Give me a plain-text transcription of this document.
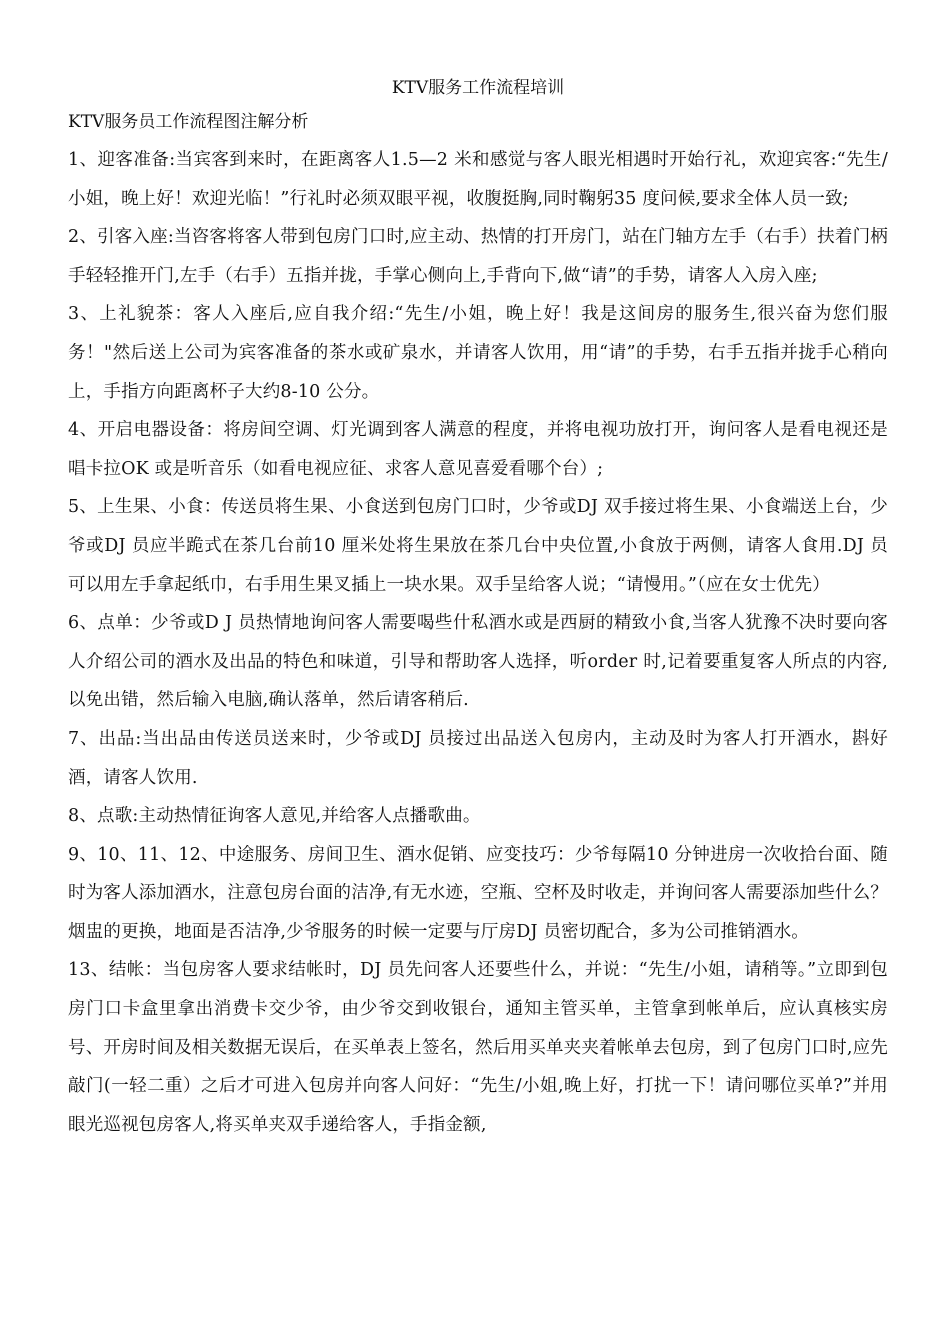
KTV服务工作流程培训

KTV服务员工作流程图注解分析

1、迎客准备:当宾客到来时，在距离客人1.5—2 米和感觉与客人眼光相遇时开始行礼，欢迎宾客:“先生/小姐，晚上好！欢迎光临！”行礼时必须双眼平视，收腹挺胸,同时鞠躬35 度问候,要求全体人员一致;

2、引客入座:当咨客将客人带到包房门口时,应主动、热情的打开房门，站在门轴方左手（右手）扶着门柄手轻轻推开门,左手（右手）五指并拢，手掌心侧向上,手背向下,做“请”的手势，请客人入房入座;

3、上礼貌茶：客人入座后,应自我介绍:“先生/小姐，晚上好！我是这间房的服务生,很兴奋为您们服务！"然后送上公司为宾客准备的茶水或矿泉水，并请客人饮用，用“请”的手势，右手五指并拢手心稍向上，手指方向距离杯子大约8-10 公分。

4、开启电器设备：将房间空调、灯光调到客人满意的程度，并将电视功放打开，询问客人是看电视还是唱卡拉OK 或是听音乐（如看电视应征、求客人意见喜爱看哪个台）;

5、上生果、小食：传送员将生果、小食送到包房门口时，少爷或DJ 双手接过将生果、小食端送上台，少爷或DJ 员应半跪式在茶几台前10 厘米处将生果放在茶几台中央位置,小食放于两侧，请客人食用.DJ 员可以用左手拿起纸巾，右手用生果叉插上一块水果。双手呈给客人说；“请慢用。”（应在女士优先）

6、点单：少爷或D J 员热情地询问客人需要喝些什私酒水或是西厨的精致小食,当客人犹豫不决时要向客人介绍公司的酒水及出品的特色和味道，引导和帮助客人选择，听order 时,记着要重复客人所点的内容,以免出错，然后输入电脑,确认落单，然后请客稍后.

7、出品:当出品由传送员送来时，少爷或DJ 员接过出品送入包房内，主动及时为客人打开酒水，斟好酒，请客人饮用.

8、点歌:主动热情征询客人意见,并给客人点播歌曲。

9、10、11、12、中途服务、房间卫生、酒水促销、应变技巧：少爷每隔10 分钟进房一次收拾台面、随时为客人添加酒水，注意包房台面的洁净,有无水迹，空瓶、空杯及时收走，并询问客人需要添加些什么？烟盅的更换，地面是否洁净,少爷服务的时候一定要与厅房DJ 员密切配合，多为公司推销酒水。

13、结帐：当包房客人要求结帐时，DJ 员先问客人还要些什么，并说：“先生/小姐，请稍等。”立即到包房门口卡盒里拿出消费卡交少爷，由少爷交到收银台，通知主管买单，主管拿到帐单后，应认真核实房号、开房时间及相关数据无误后，在买单表上签名，然后用买单夹夹着帐单去包房，到了包房门口时,应先敲门(一轻二重）之后才可进入包房并向客人问好：“先生/小姐,晚上好，打扰一下！请问哪位买单?”并用眼光巡视包房客人,将买单夹双手递给客人，手指金额,
